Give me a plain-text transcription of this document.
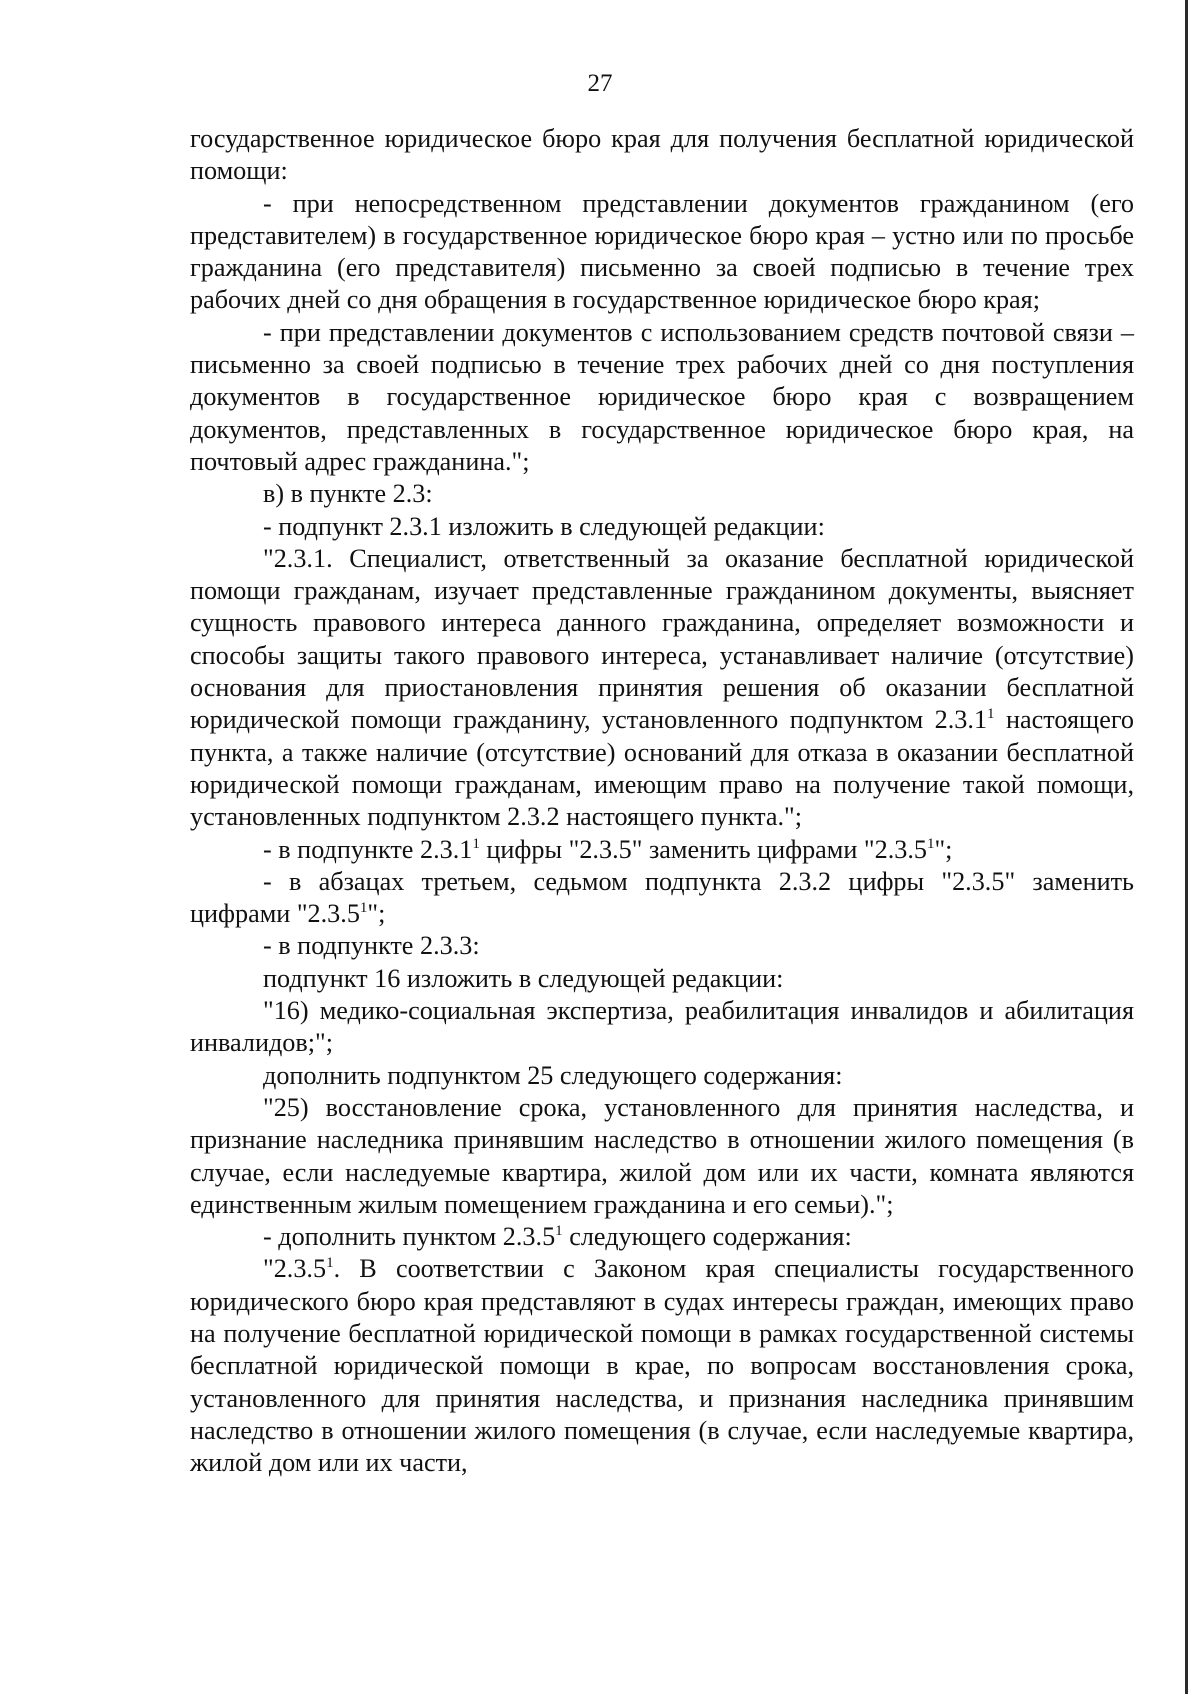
27

государственное юридическое бюро края для получения бесплатной юридической помощи:

- при непосредственном представлении документов гражданином (его представителем) в государственное юридическое бюро края – устно или по просьбе гражданина (его представителя) письменно за своей подписью в течение трех рабочих дней со дня обращения в государственное юридическое бюро края;

- при представлении документов с использованием средств почтовой связи – письменно за своей подписью в течение трех рабочих дней со дня поступления документов в государственное юридическое бюро края с возвращением документов, представленных в государственное юридическое бюро края, на почтовый адрес гражданина.";

в) в пункте 2.3:

- подпункт 2.3.1 изложить в следующей редакции:

"2.3.1. Специалист, ответственный за оказание бесплатной юридической помощи гражданам, изучает представленные гражданином документы, выясняет сущность правового интереса данного гражданина, определяет возможности и способы защиты такого правового интереса, устанавливает наличие (отсутствие) основания для приостановления принятия решения об оказании бесплатной юридической помощи гражданину, установленного подпунктом 2.3.1$^1$ настоящего пункта, а также наличие (отсутствие) оснований для отказа в оказании бесплатной юридической помощи гражданам, имеющим право на получение такой помощи, установленных подпунктом 2.3.2 настоящего пункта.";

- в подпункте 2.3.1$^1$ цифры "2.3.5" заменить цифрами "2.3.5$^1$";

- в абзацах третьем, седьмом подпункта 2.3.2 цифры "2.3.5" заменить цифрами "2.3.5$^1$";

- в подпункте 2.3.3:

подпункт 16 изложить в следующей редакции:

"16) медико-социальная экспертиза, реабилитация инвалидов и абилитация инвалидов;";

дополнить подпунктом 25 следующего содержания:

"25) восстановление срока, установленного для принятия наследства, и признание наследника принявшим наследство в отношении жилого помещения (в случае, если наследуемые квартира, жилой дом или их части, комната являются единственным жилым помещением гражданина и его семьи).";

- дополнить пунктом 2.3.5$^1$ следующего содержания:

"2.3.5$^1$. В соответствии с Законом края специалисты государственного юридического бюро края представляют в судах интересы граждан, имеющих право на получение бесплатной юридической помощи в рамках государственной системы бесплатной юридической помощи в крае, по вопросам восстановления срока, установленного для принятия наследства, и признания наследника принявшим наследство в отношении жилого помещения (в случае, если наследуемые квартира, жилой дом или их части,
